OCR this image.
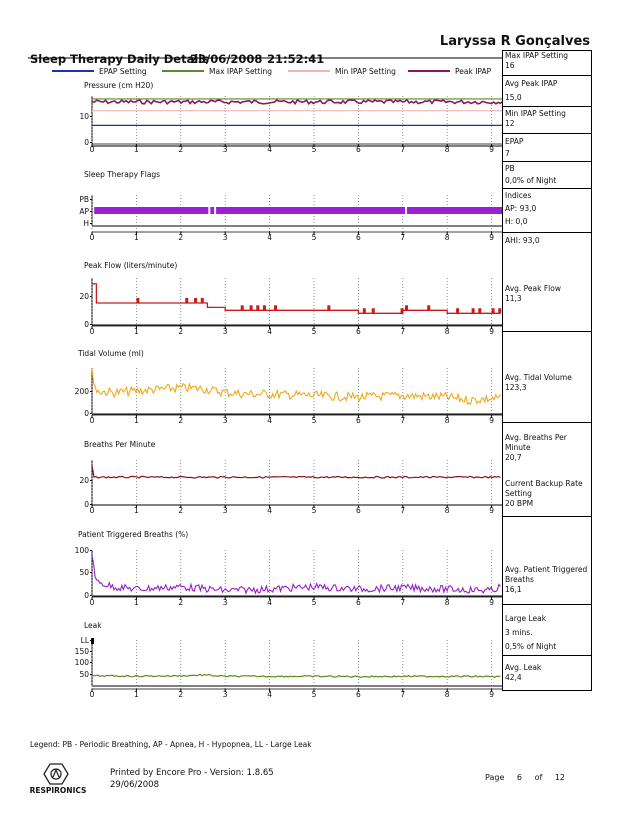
Laryssa R Gonçalves
Sleep Therapy Daily Details
23/06/2008 21:52:41
EPAP Setting	Max IPAP Setting	Min IPAP Setting	Peak IPAP
Pressure (cm H20)
10
0
0	1	2	3	4	5	6	7	8	9
Sleep Therapy Flags
PB
AP
H
0	1	2	3	4	5	6	7	8	9
Peak Flow (liters/minute)
20
0
0	1	2	3	4	5	6	7	8	9
Tidal Volume (ml)
200
0
0	1	2	3	4	5	6	7	8	9
Breaths Per Minute
20
0
0	1	2	3	4	5	6	7	8	9
Patient Triggered Breaths (%)
100
50
0
0	1	2	3	4	5	6	7	8	9
Leak
LL
150
100
50
0	1	2	3	4	5	6	7	8	9
Max IPAP Setting
16
Avg Peak IPAP
15,0
Min IPAP Setting
12
EPAP
7
PB
0,0% of Night
Indices
AP: 93,0
H: 0,0
AHI: 93,0
Avg. Peak Flow
11,3
Avg. Tidal Volume
123,3
Avg. Breaths Per Minute
20,7
Current Backup Rate Setting
20 BPM
Avg. Patient Triggered Breaths
16,1
Large Leak
3 mins.
0,5% of Night
Avg. Leak
42,4
Legend: PB - Periodic Breathing, AP - Apnea, H - Hypopnea, LL - Large Leak
RESPIRONICS
Printed by Encore Pro - Version: 1.8.65
29/06/2008
Page 6 of 12
